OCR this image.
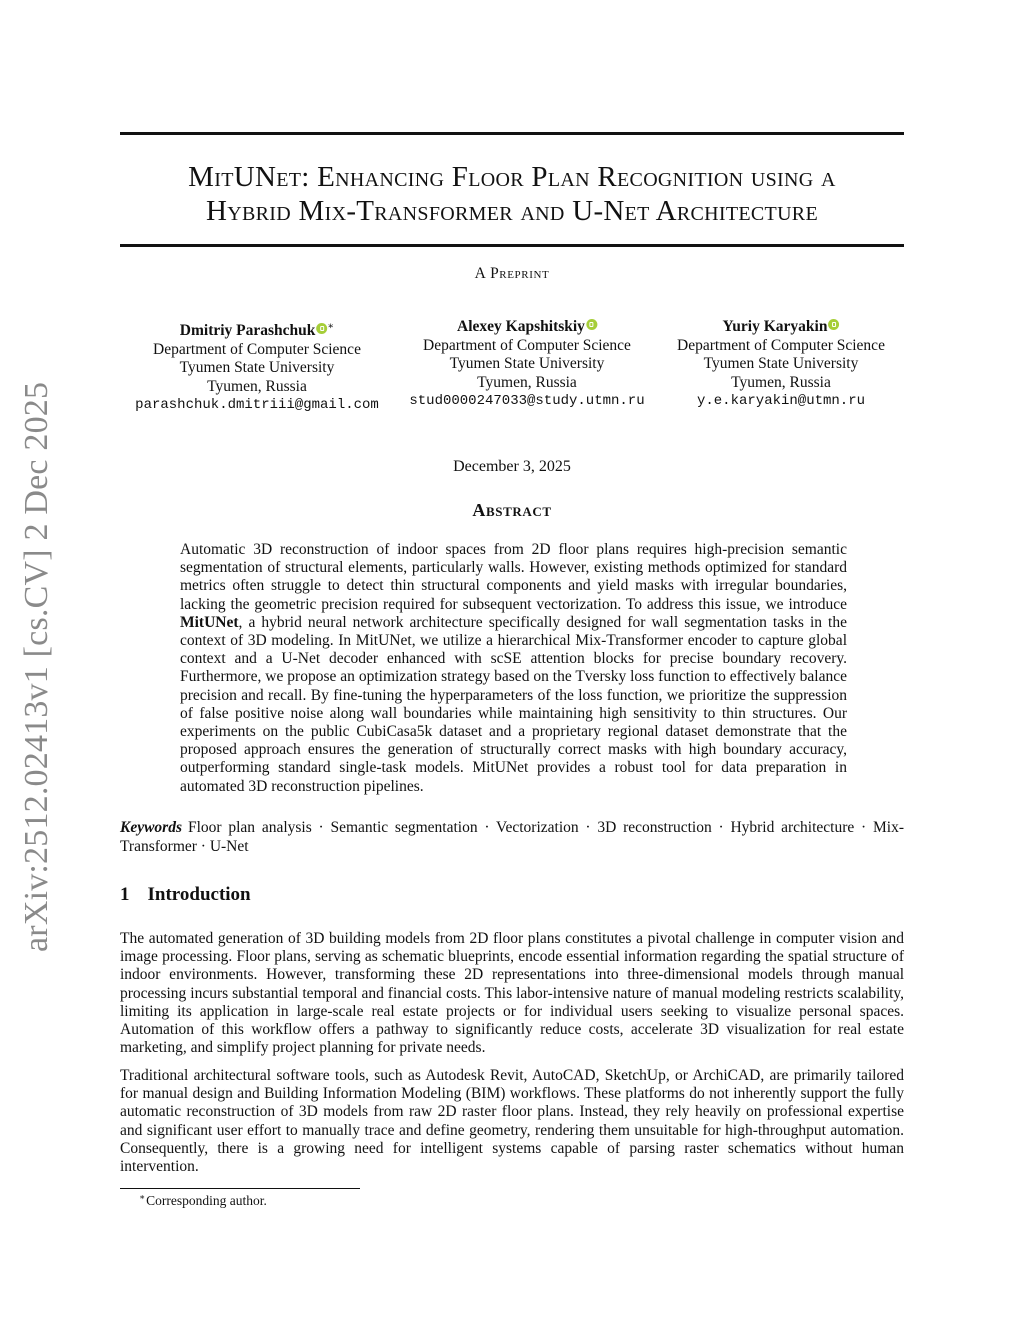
arXiv:2512.02413v1 [cs.CV] 2 Dec 2025
MitUNet: Enhancing Floor Plan Recognition using a
Hybrid Mix-Transformer and U-Net Architecture
A Preprint
Dmitriy Parashchuk ∗
Department of Computer Science
Tyumen State University
Tyumen, Russia
parashchuk.dmitriii@gmail.com
Alexey Kapshitskiy
Department of Computer Science
Tyumen State University
Tyumen, Russia
stud0000247033@study.utmn.ru
Yuriy Karyakin
Department of Computer Science
Tyumen State University
Tyumen, Russia
y.e.karyakin@utmn.ru
December 3, 2025
Abstract

Automatic 3D reconstruction of indoor spaces from 2D floor plans requires high-precision semantic segmentation of structural elements, particularly walls. However, existing methods optimized for standard metrics often struggle to detect thin structural components and yield masks with irregular boundaries, lacking the geometric precision required for subsequent vectorization. To address this issue, we introduce MitUNet, a hybrid neural network architecture specifically designed for wall segmentation tasks in the context of 3D modeling. In MitUNet, we utilize a hierarchical Mix-Transformer encoder to capture global context and a U-Net decoder enhanced with scSE attention blocks for precise boundary recovery. Furthermore, we propose an optimization strategy based on the Tversky loss function to effectively balance precision and recall. By fine-tuning the hyperparameters of the loss function, we prioritize the suppression of false positive noise along wall boundaries while maintaining high sensitivity to thin structures. Our experiments on the public CubiCasa5k dataset and a proprietary regional dataset demonstrate that the proposed approach ensures the generation of structurally correct masks with high boundary accuracy, outperforming standard single-task models. MitUNet provides a robust tool for data preparation in automated 3D reconstruction pipelines.

Keywords Floor plan analysis · Semantic segmentation · Vectorization · 3D reconstruction · Hybrid architecture · Mix-Transformer · U-Net

1 Introduction

The automated generation of 3D building models from 2D floor plans constitutes a pivotal challenge in computer vision and image processing. Floor plans, serving as schematic blueprints, encode essential information regarding the spatial structure of indoor environments. However, transforming these 2D representations into three-dimensional models through manual processing incurs substantial temporal and financial costs. This labor-intensive nature of manual modeling restricts scalability, limiting its application in large-scale real estate projects or for individual users seeking to visualize personal spaces. Automation of this workflow offers a pathway to significantly reduce costs, accelerate 3D visualization for real estate marketing, and simplify project planning for private needs.

Traditional architectural software tools, such as Autodesk Revit, AutoCAD, SketchUp, or ArchiCAD, are primarily tailored for manual design and Building Information Modeling (BIM) workflows. These platforms do not inherently support the fully automatic reconstruction of 3D models from raw 2D raster floor plans. Instead, they rely heavily on professional expertise and significant user effort to manually trace and define geometry, rendering them unsuitable for high-throughput automation. Consequently, there is a growing need for intelligent systems capable of parsing raster schematics without human intervention.

∗Corresponding author.
